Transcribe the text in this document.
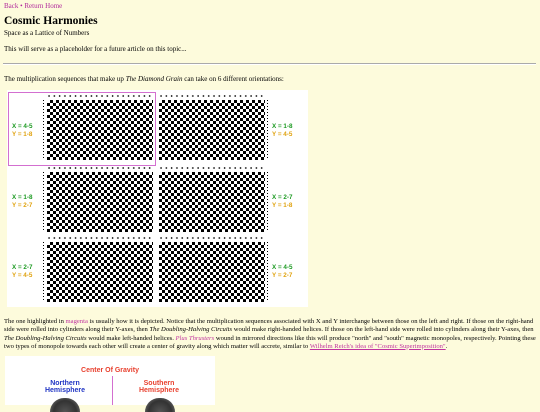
Back • Return Home
Cosmic Harmonies
Space as a Lattice of Numbers
This will serve as a placeholder for a future article on this topic...
The multiplication sequences that make up The Diamond Grain can take on 6 different orientations:
X = 4-5
Y = 1-8
X = 1-8
Y = 4-5
X = 1-8
Y = 2-7
X = 2-7
Y = 1-8
X = 2-7
Y = 4-5
X = 4-5
Y = 2-7
The one highlighted in magenta is usually how it is depicted. Notice that the multiplication sequences associated with X and Y interchange between those on the left and right. If those on the right-hand side were rolled into cylinders along their Y-axes, then The Doubling-Halving Circuits would make right-handed helices. If those on the left-hand side were rolled into cylinders along their Y-axes, then The Doubling-Halving Circuits would make left-handed helices. Plus Thrusters wound in mirrored directions like this will produce "north" and "south" magnetic monopoles, respectively. Pointing these two types of monopole towards each other will create a center of gravity along which matter will accrete, similar to Wilhelm Reich's idea of "Cosmic Superimposition".
Center Of Gravity
Northern
Hemisphere
Southern
Hemisphere
